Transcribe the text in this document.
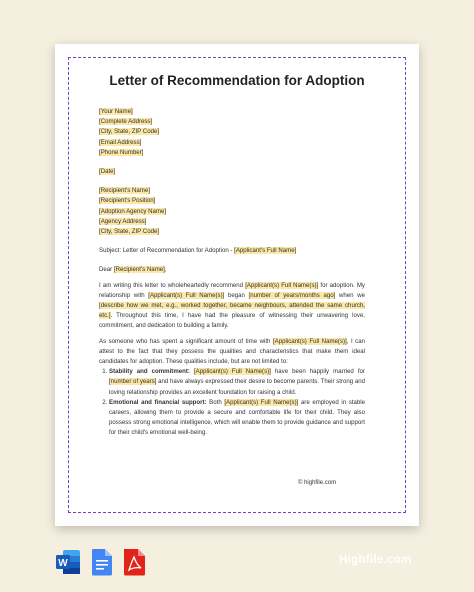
Letter of Recommendation for Adoption
[Your Name]
[Complete Address]
[City, State, ZIP Code]
[Email Address]
[Phone Number]
[Date]
[Recipient's Name]
[Recipient's Position]
[Adoption Agency Name]
[Agency Address]
[City, State, ZIP Code]
Subject: Letter of Recommendation for Adoption - [Applicant's Full Name]
Dear [Recipient's Name],
I am writing this letter to wholeheartedly recommend [Applicant(s) Full Name(s)] for adoption. My relationship with [Applicant(s) Full Name(s)] began [number of years/months ago] when we [describe how we met, e.g., worked together, became neighbours, attended the same church, etc.]. Throughout this time, I have had the pleasure of witnessing their unwavering love, commitment, and dedication to building a family.
As someone who has spent a significant amount of time with [Applicant(s) Full Name(s)], I can attest to the fact that they possess the qualities and characteristics that make them ideal candidates for adoption. These qualities include, but are not limited to:
1. Stability and commitment: [Applicant(s) Full Name(s)] have been happily married for [number of years] and have always expressed their desire to become parents. Their strong and loving relationship provides an excellent foundation for raising a child.
2. Emotional and financial support: Both [Applicant(s) Full Name(s)] are employed in stable careers, allowing them to provide a secure and comfortable life for their child. They also possess strong emotional intelligence, which will enable them to provide guidance and support for their child's emotional well-being.
© highfile.com
W	Highfile.com
